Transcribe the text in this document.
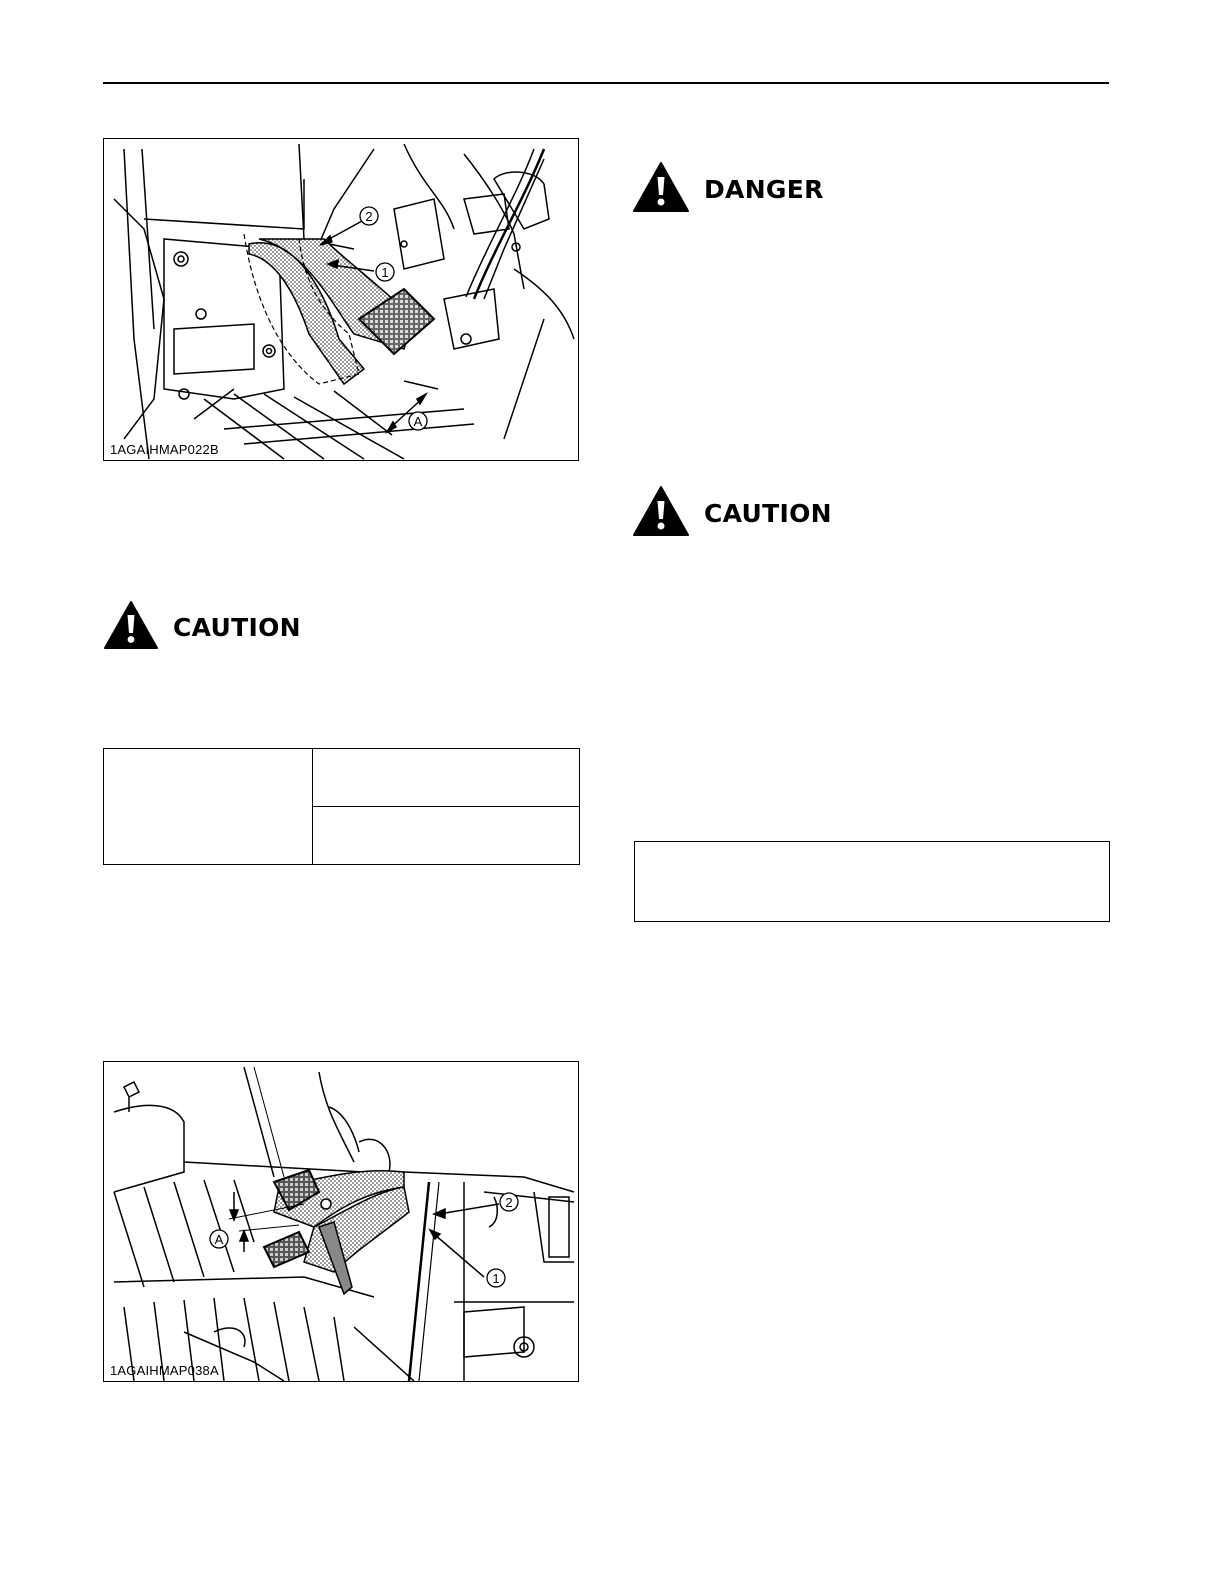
2
1
A
1AGAIHMAP022B
CAUTION

2
1
A
1AGAIHMAP038A
DANGER
CAUTION
